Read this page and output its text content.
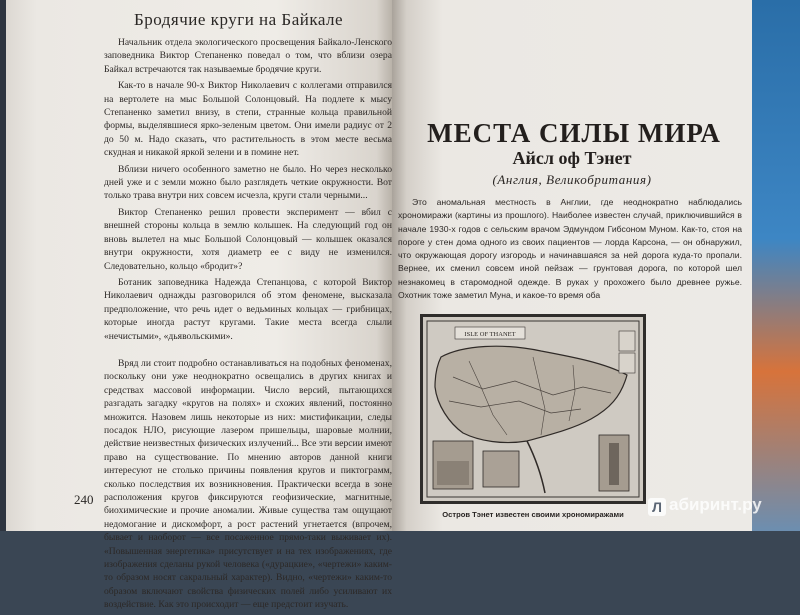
Бродячие круги на Байкале

Начальник отдела экологического просвещения Байкало-Ленского заповедника Виктор Степаненко поведал о том, что вблизи озера Байкал встречаются так называемые бродячие круги.

Как-то в начале 90-х Виктор Николаевич с коллегами отправился на вертолете на мыс Большой Солонцовый. На подлете к мысу Степаненко заметил внизу, в степи, странные кольца правильной формы, выделявшиеся ярко-зеленым цветом. Они имели радиус от 2 до 50 м. Надо сказать, что растительность в этом месте весьма скудная и никакой яркой зелени и в помине нет.

Вблизи ничего особенного заметно не было. Но через несколько дней уже и с земли можно было разглядеть четкие окружности. Вот только трава внутри них совсем исчезла, круги стали черными...

Виктор Степаненко решил провести эксперимент — вбил с внешней стороны кольца в землю колышек. На следующий год он вновь вылетел на мыс Большой Солонцовый — колышек оказался внутри окружности, хотя диаметр ее с виду не изменился. Следовательно, кольцо «бродит»?

Ботаник заповедника Надежда Степанцова, с которой Виктор Николаевич однажды разговорился об этом феномене, высказала предположение, что речь идет о ведьминых кольцах — грибницах, которые иногда растут кругами. Такие места всегда слыли «нечистыми», «дьявольскими».

Вряд ли стоит подробно останавливаться на подобных феноменах, поскольку они уже неоднократно освещались в других книгах и средствах массовой информации. Число версий, пытающихся разгадать загадку «кругов на полях» и схожих явлений, постоянно множится. Назовем лишь некоторые из них: мистификации, следы посадок НЛО, рисующие лазером пришельцы, шаровые молнии, действие неизвестных физических излучений... Все эти версии имеют право на существование. По мнению авторов данной книги интересуют не столько причины появления кругов и пиктограмм, сколько последствия их возникновения. Практически всегда в зоне расположения кругов фиксируются геофизические, магнитные, биохимические и прочие аномалии. Живые существа там ощущают недомогание и дискомфорт, а рост растений угнетается (впрочем, бывает и наоборот — все посаженное прямо-таки выживает их). «Повышенная энергетика» присутствует и на тех изображениях, где изображения сделаны рукой человека («дурацкие», «чертежи» каким-то образом носят сакральный характер). Видно, «чертежи» каким-то образом включают свойства физических полей либо усиливают их воздействие. Как это происходит — еще предстоит изучать.

240
МЕСТА СИЛЫ МИРА
Айсл оф Тэнет
(Англия, Великобритания)

Это аномальная местность в Англии, где неоднократно наблюдались хрономиражи (картины из прошлого). Наиболее известен случай, приключившийся в начале 1930-х годов с сельским врачом Эдмундом Гибсоном Муном. Как-то, стоя на пороге у стен дома одного из своих пациентов — лорда Карсона, — он обнаружил, что окружающая дорогу изгородь и начинавшаяся за ней дорога куда-то пропали. Вернее, их сменил совсем иной пейзаж — грунтовая дорога, по которой шел незнакомец в старомодной одежде. В руках у прохожего было древнее ружье. Охотник тоже заметил Муна, и какое-то время оба

ISLE OF THANET
Остров Тэнет известен своими хрономиражами	Л абиринт.ру
